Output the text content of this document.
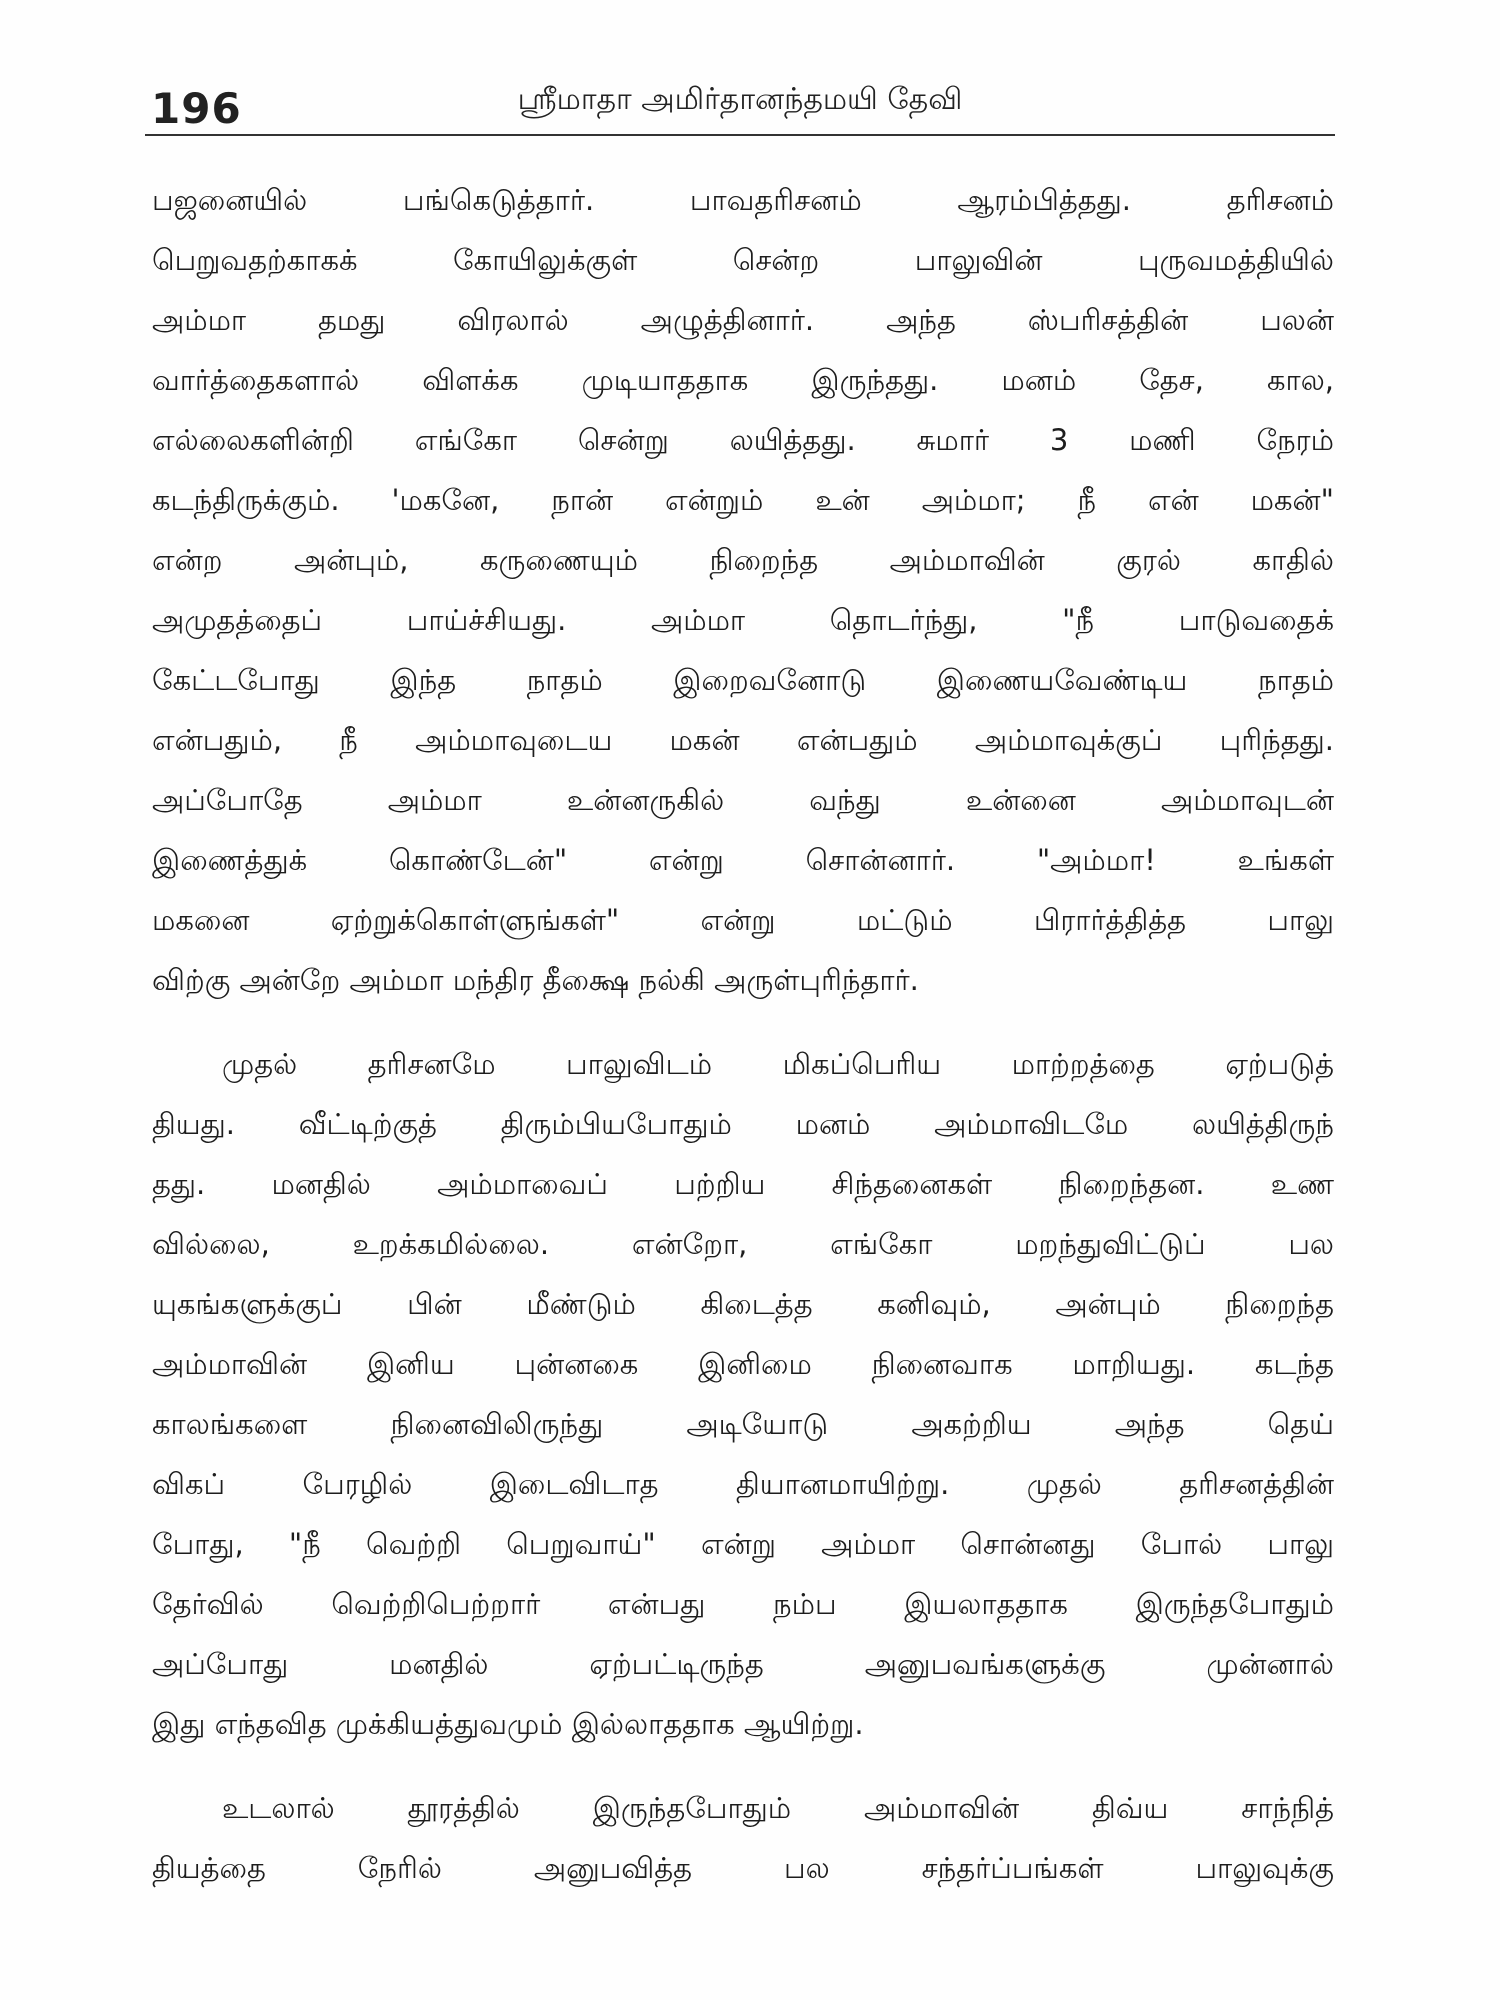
196	ஸ்ரீமாதா அமிர்தானந்தமயி தேவி
பஜனையில் பங்கெடுத்தார். பாவதரிசனம் ஆரம்பித்தது. தரிசனம்
பெறுவதற்காகக் கோயிலுக்குள் சென்ற பாலுவின் புருவமத்தியில்
அம்மா தமது விரலால் அழுத்தினார். அந்த ஸ்பரிசத்தின் பலன்
வார்த்தைகளால் விளக்க முடியாததாக இருந்தது. மனம் தேச, கால,
எல்லைகளின்றி எங்கோ சென்று லயித்தது. சுமார் 3 மணி நேரம்
கடந்திருக்கும். 'மகனே, நான் என்றும் உன் அம்மா; நீ என் மகன்"
என்ற அன்பும், கருணையும் நிறைந்த அம்மாவின் குரல் காதில்
அமுதத்தைப் பாய்ச்சியது. அம்மா தொடர்ந்து, "நீ பாடுவதைக்
கேட்டபோது இந்த நாதம் இறைவனோடு இணையவேண்டிய நாதம்
என்பதும், நீ அம்மாவுடைய மகன் என்பதும் அம்மாவுக்குப் புரிந்தது.
அப்போதே அம்மா உன்னருகில் வந்து உன்னை அம்மாவுடன்
இணைத்துக் கொண்டேன்" என்று சொன்னார். "அம்மா! உங்கள்
மகனை ஏற்றுக்கொள்ளுங்கள்" என்று மட்டும் பிரார்த்தித்த பாலு
விற்கு அன்றே அம்மா மந்திர தீக்ஷை நல்கி அருள்புரிந்தார்.
முதல் தரிசனமே பாலுவிடம் மிகப்பெரிய மாற்றத்தை ஏற்படுத்
தியது. வீட்டிற்குத் திரும்பியபோதும் மனம் அம்மாவிடமே லயித்திருந்
தது. மனதில் அம்மாவைப் பற்றிய சிந்தனைகள் நிறைந்தன. உண
வில்லை, உறக்கமில்லை. என்றோ, எங்கோ மறந்துவிட்டுப் பல
யுகங்களுக்குப் பின் மீண்டும் கிடைத்த கனிவும், அன்பும் நிறைந்த
அம்மாவின் இனிய புன்னகை இனிமை நினைவாக மாறியது. கடந்த
காலங்களை நினைவிலிருந்து அடியோடு அகற்றிய அந்த தெய்
விகப் பேரழில் இடைவிடாத தியானமாயிற்று. முதல் தரிசனத்தின்
போது, "நீ வெற்றி பெறுவாய்" என்று அம்மா சொன்னது போல் பாலு
தேர்வில் வெற்றிபெற்றார் என்பது நம்ப இயலாததாக இருந்தபோதும்
அப்போது மனதில் ஏற்பட்டிருந்த அனுபவங்களுக்கு முன்னால்
இது எந்தவித முக்கியத்துவமும் இல்லாததாக ஆயிற்று.
உடலால் தூரத்தில் இருந்தபோதும் அம்மாவின் திவ்ய சாந்நித்
தியத்தை நேரில் அனுபவித்த பல சந்தர்ப்பங்கள் பாலுவுக்கு
